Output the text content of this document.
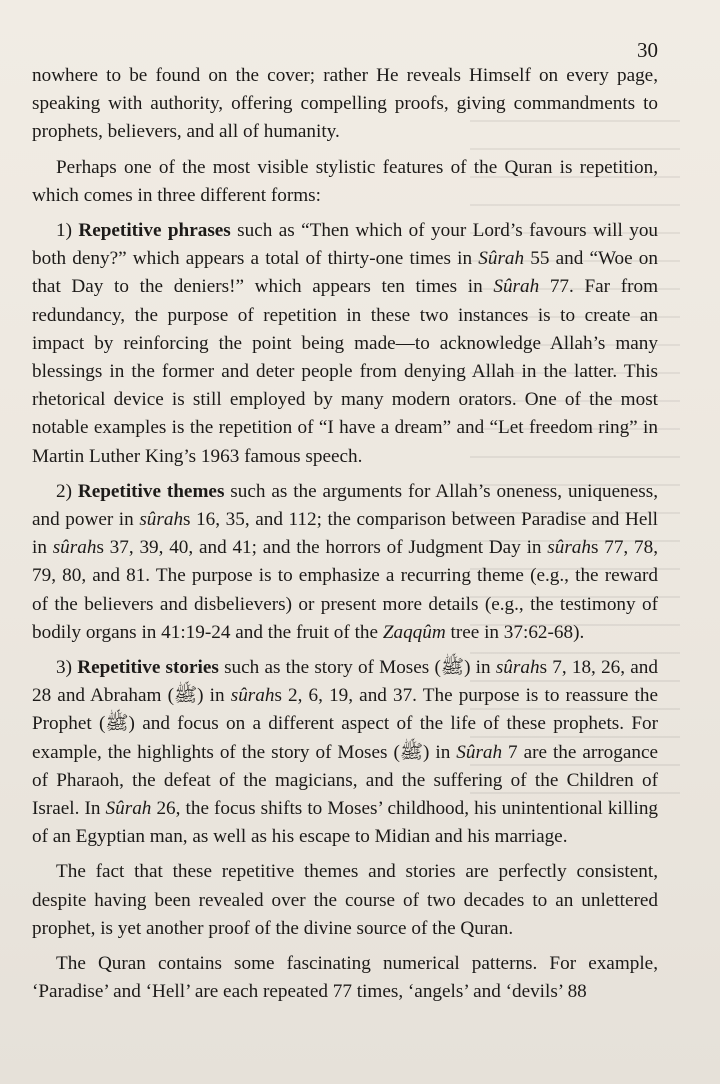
30

nowhere to be found on the cover; rather He reveals Himself on every page, speaking with authority, offering compelling proofs, giving commandments to prophets, believers, and all of humanity.

Perhaps one of the most visible stylistic features of the Quran is repetition, which comes in three different forms:

1) Repetitive phrases such as “Then which of your Lord’s favours will you both deny?” which appears a total of thirty-one times in Sûrah 55 and “Woe on that Day to the deniers!” which appears ten times in Sûrah 77. Far from redundancy, the purpose of repetition in these two instances is to create an impact by reinforcing the point being made—to acknowledge Allah’s many blessings in the former and deter people from denying Allah in the latter. This rhetorical device is still employed by many modern orators. One of the most notable examples is the repetition of “I have a dream” and “Let freedom ring” in Martin Luther King’s 1963 famous speech.

2) Repetitive themes such as the arguments for Allah’s oneness, uniqueness, and power in sûrahs 16, 35, and 112; the comparison between Paradise and Hell in sûrahs 37, 39, 40, and 41; and the horrors of Judgment Day in sûrahs 77, 78, 79, 80, and 81. The purpose is to emphasize a recurring theme (e.g., the reward of the believers and disbelievers) or present more details (e.g., the testimony of bodily organs in 41:19-24 and the fruit of the Zaqqûm tree in 37:62-68).

3) Repetitive stories such as the story of Moses (ﷺ) in sûrahs 7, 18, 26, and 28 and Abraham (ﷺ) in sûrahs 2, 6, 19, and 37. The purpose is to reassure the Prophet (ﷺ) and focus on a different aspect of the life of these prophets. For example, the highlights of the story of Moses (ﷺ) in Sûrah 7 are the arrogance of Pharaoh, the defeat of the magicians, and the suffering of the Children of Israel. In Sûrah 26, the focus shifts to Moses’ childhood, his unintentional killing of an Egyptian man, as well as his escape to Midian and his marriage.

The fact that these repetitive themes and stories are perfectly consistent, despite having been revealed over the course of two decades to an unlettered prophet, is yet another proof of the divine source of the Quran.

The Quran contains some fascinating numerical patterns. For example, ‘Paradise’ and ‘Hell’ are each repeated 77 times, ‘angels’ and ‘devils’ 88
